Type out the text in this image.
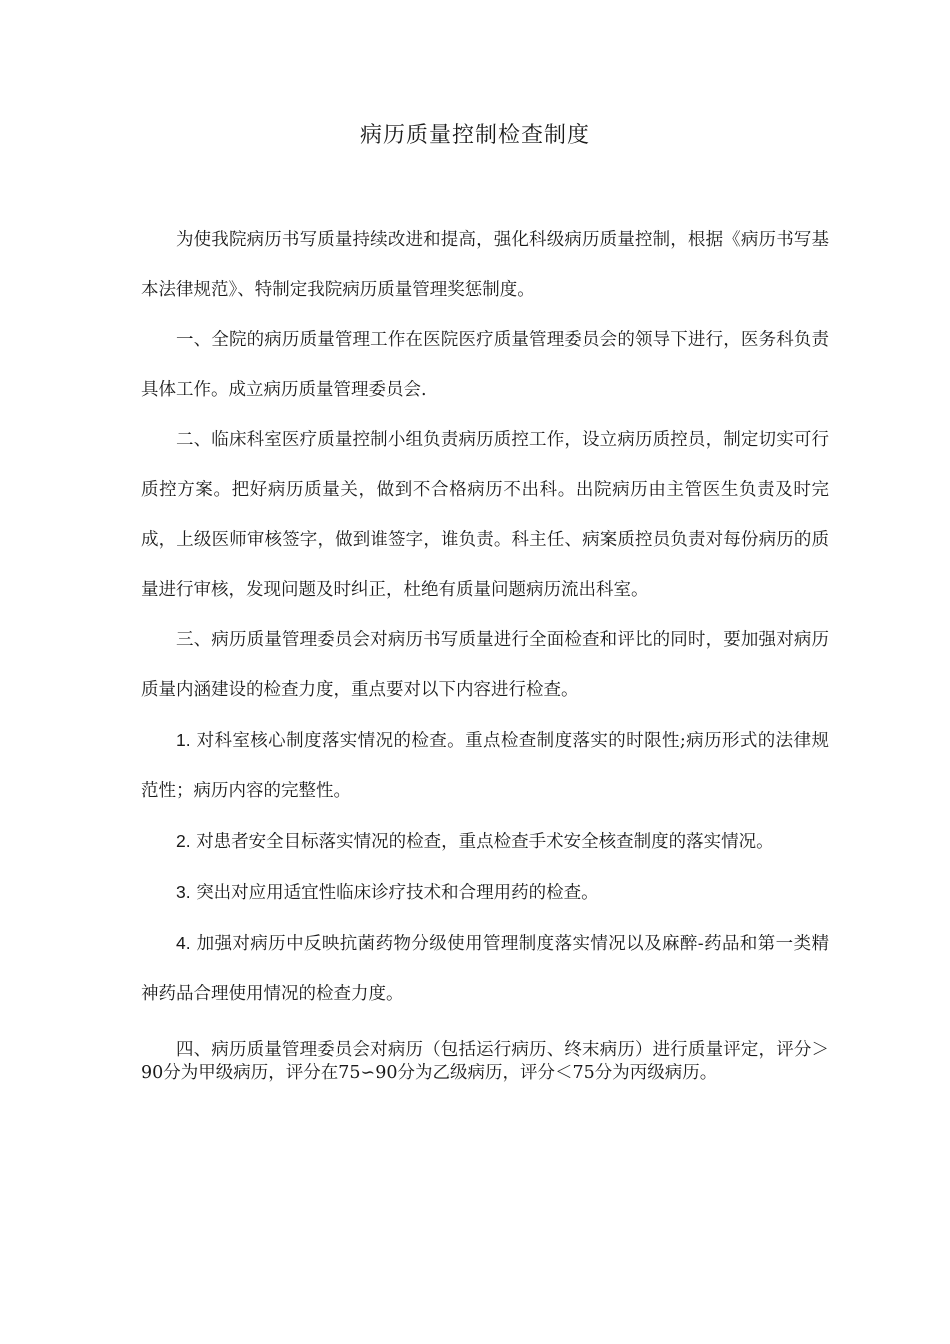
病历质量控制检查制度

为使我院病历书写质量持续改进和提高，强化科级病历质量控制，根据《病历书写基本法律规范》、特制定我院病历质量管理奖惩制度。

一、全院的病历质量管理工作在医院医疗质量管理委员会的领导下进行，医务科负责具体工作。成立病历质量管理委员会.

二、临床科室医疗质量控制小组负责病历质控工作，设立病历质控员，制定切实可行质控方案。把好病历质量关，做到不合格病历不出科。出院病历由主管医生负责及时完成，上级医师审核签字，做到谁签字，谁负责。科主任、病案质控员负责对每份病历的质量进行审核，发现问题及时纠正，杜绝有质量问题病历流出科室。

三、病历质量管理委员会对病历书写质量进行全面检查和评比的同时，要加强对病历质量内涵建设的检查力度，重点要对以下内容进行检查。

1. 对科室核心制度落实情况的检查。重点检查制度落实的时限性;病历形式的法律规范性；病历内容的完整性。

2. 对患者安全目标落实情况的检查，重点检查手术安全核查制度的落实情况。

3. 突出对应用适宜性临床诊疗技术和合理用药的检查。

4. 加强对病历中反映抗菌药物分级使用管理制度落实情况以及麻醉-药品和第一类精神药品合理使用情况的检查力度。

四、病历质量管理委员会对病历（包括运行病历、终末病历）进行质量评定，评分＞90分为甲级病历，评分在75∽90分为乙级病历，评分＜75分为丙级病历。
